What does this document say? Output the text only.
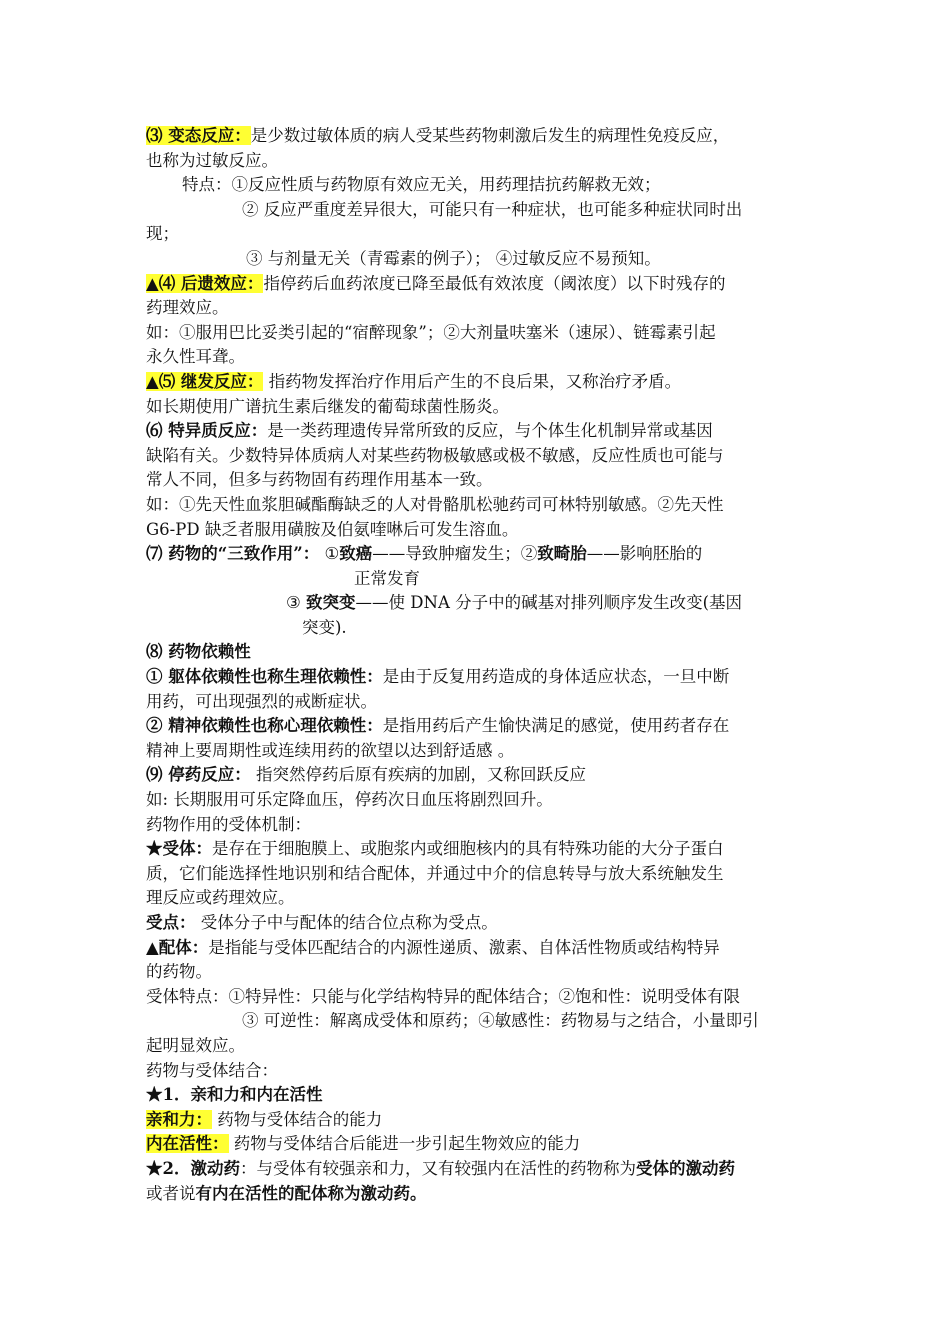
⑶ 变态反应：是少数过敏体质的病人受某些药物刺激后发生的病理性免疫反应，
也称为过敏反应。
特点：①反应性质与药物原有效应无关，用药理拮抗药解救无效；
② 反应严重度差异很大，可能只有一种症状，也可能多种症状同时出
现；
③ 与剂量无关（青霉素的例子）； ④过敏反应不易预知。
▲⑷ 后遗效应：指停药后血药浓度已降至最低有效浓度（阈浓度）以下时残存的
药理效应。
如：①服用巴比妥类引起的“宿醉现象”；②大剂量呋塞米（速尿）、链霉素引起
永久性耳聋。
▲⑸ 继发反应： 指药物发挥治疗作用后产生的不良后果，又称治疗矛盾。
如长期使用广谱抗生素后继发的葡萄球菌性肠炎。
⑹ 特异质反应：是一类药理遗传异常所致的反应，与个体生化机制异常或基因
缺陷有关。少数特异体质病人对某些药物极敏感或极不敏感，反应性质也可能与
常人不同，但多与药物固有药理作用基本一致。
如：①先天性血浆胆碱酯酶缺乏的人对骨骼肌松驰药司可林特别敏感。②先天性
G6-PD 缺乏者服用磺胺及伯氨喹啉后可发生溶血。
⑺ 药物的“三致作用”： ①致癌——导致肿瘤发生；②致畸胎——影响胚胎的
正常发育
③ 致突变——使 DNA 分子中的碱基对排列顺序发生改变(基因
突变).
⑻ 药物依赖性
① 躯体依赖性也称生理依赖性：是由于反复用药造成的身体适应状态，一旦中断
用药，可出现强烈的戒断症状。
② 精神依赖性也称心理依赖性：是指用药后产生愉快满足的感觉，使用药者存在
精神上要周期性或连续用药的欲望以达到舒适感 。
⑼ 停药反应： 指突然停药后原有疾病的加剧，又称回跃反应
如: 长期服用可乐定降血压，停药次日血压将剧烈回升。
药物作用的受体机制：
★受体：是存在于细胞膜上、或胞浆内或细胞核内的具有特殊功能的大分子蛋白
质，它们能选择性地识别和结合配体，并通过中介的信息转导与放大系统触发生
理反应或药理效应。
受点： 受体分子中与配体的结合位点称为受点。
▲配体：是指能与受体匹配结合的内源性递质、激素、自体活性物质或结构特异
的药物。
受体特点：①特异性：只能与化学结构特异的配体结合；②饱和性：说明受体有限
③ 可逆性：解离成受体和原药；④敏感性：药物易与之结合，小量即引
起明显效应。
药物与受体结合：
★1．亲和力和内在活性
亲和力： 药物与受体结合的能力
内在活性： 药物与受体结合后能进一步引起生物效应的能力
★2．激动药：与受体有较强亲和力，又有较强内在活性的药物称为受体的激动药
或者说有内在活性的配体称为激动药。
